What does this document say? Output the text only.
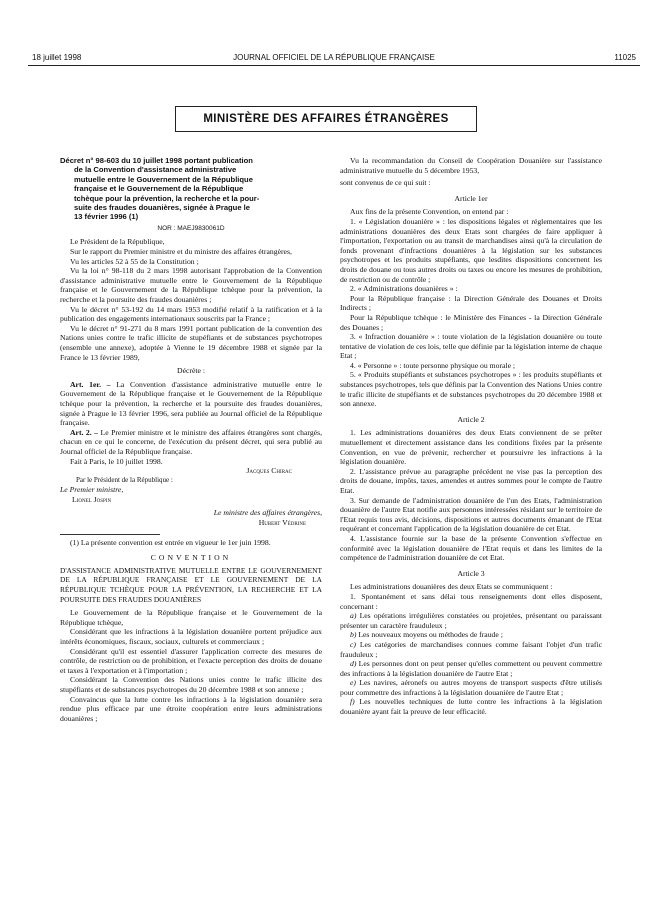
18 juillet 1998	JOURNAL OFFICIEL DE LA RÉPUBLIQUE FRANÇAISE	11025
MINISTÈRE DES AFFAIRES ÉTRANGÈRES
Décret n° 98-603 du 10 juillet 1998 portant publication
de la Convention d'assistance administrative
mutuelle entre le Gouvernement de la République
française et le Gouvernement de la République
tchèque pour la prévention, la recherche et la pour-
suite des fraudes douanières, signée à Prague le
13 février 1996 (1)
NOR : MAEJ9830061D

Le Président de la République,

Sur le rapport du Premier ministre et du ministre des affaires étrangères,

Vu les articles 52 à 55 de la Constitution ;

Vu la loi n° 98-118 du 2 mars 1998 autorisant l'approbation de la Convention d'assistance administrative mutuelle entre le Gouvernement de la République française et le Gouvernement de la République tchèque pour la prévention, la recherche et la poursuite des fraudes douanières ;

Vu le décret n° 53-192 du 14 mars 1953 modifié relatif à la ratification et à la publication des engagements internationaux souscrits par la France ;

Vu le décret n° 91-271 du 8 mars 1991 portant publication de la convention des Nations unies contre le trafic illicite de stupéfiants et de substances psychotropes (ensemble une annexe), adoptée à Vienne le 19 décembre 1988 et signée par la France le 13 février 1989,

Décrète :

Art. 1er. – La Convention d'assistance administrative mutuelle entre le Gouvernement de la République française et le Gouvernement de la République tchèque pour la prévention, la recherche et la poursuite des fraudes douanières, signée à Prague le 13 février 1996, sera publiée au Journal officiel de la République française.

Art. 2. – Le Premier ministre et le ministre des affaires étrangères sont chargés, chacun en ce qui le concerne, de l'exécution du présent décret, qui sera publié au Journal officiel de la République française.

Fait à Paris, le 10 juillet 1998.

Jacques Chirac

Par le Président de la République :

Le Premier ministre,

Lionel Jospin

Le ministre des affaires étrangères,

Hubert Védrine

(1) La présente convention est entrée en vigueur le 1er juin 1998.

CONVENTION

D'ASSISTANCE ADMINISTRATIVE MUTUELLE ENTRE LE GOUVERNEMENT DE LA RÉPUBLIQUE FRANÇAISE ET LE GOUVERNEMENT DE LA RÉPUBLIQUE TCHÈQUE POUR LA PRÉVENTION, LA RECHERCHE ET LA POURSUITE DES FRAUDES DOUANIÈRES

Le Gouvernement de la République française et le Gouvernement de la République tchèque,

Considérant que les infractions à la législation douanière portent préjudice aux intérêts économiques, fiscaux, sociaux, culturels et commerciaux ;

Considérant qu'il est essentiel d'assurer l'application correcte des mesures de contrôle, de restriction ou de prohibition, et l'exacte perception des droits de douane et taxes à l'exportation et à l'importation ;

Considérant la Convention des Nations unies contre le trafic illicite des stupéfiants et de substances psychotropes du 20 décembre 1988 et son annexe ;

Convaincus que la lutte contre les infractions à la législation douanière sera rendue plus efficace par une étroite coopération entre leurs administrations douanières ;

Vu la recommandation du Conseil de Coopération Douanière sur l'assistance administrative mutuelle du 5 décembre 1953,

sont convenus de ce qui suit :

Article 1er

Aux fins de la présente Convention, on entend par :

1. « Législation douanière » : les dispositions légales et réglementaires que les administrations douanières des deux Etats sont chargées de faire appliquer à l'importation, l'exportation ou au transit de marchandises ainsi qu'à la circulation de fonds provenant d'infractions douanières à la législation sur les substances psychotropes et les produits stupéfiants, que lesdites dispositions concernent les droits de douane ou tous autres droits ou taxes ou encore les mesures de prohibition, de restriction ou de contrôle ;

2. « Administrations douanières » :

Pour la République française : la Direction Générale des Douanes et Droits Indirects ;

Pour la République tchèque : le Ministère des Finances - la Direction Générale des Douanes ;

3. « Infraction douanière » : toute violation de la législation douanière ou toute tentative de violation de ces lois, telle que définie par la législation interne de chaque Etat ;

4. « Personne » : toute personne physique ou morale ;

5. « Produits stupéfiants et substances psychotropes » : les produits stupéfiants et substances psychotropes, tels que définis par la Convention des Nations Unies contre le trafic illicite de stupéfiants et de substances psychotropes du 20 décembre 1988 et son annexe.

Article 2

1. Les administrations douanières des deux Etats conviennent de se prêter mutuellement et directement assistance dans les conditions fixées par la présente Convention, en vue de prévenir, rechercher et poursuivre les infractions à la législation douanière.

2. L'assistance prévue au paragraphe précédent ne vise pas la perception des droits de douane, impôts, taxes, amendes et autres sommes pour le compte de l'autre Etat.

3. Sur demande de l'administration douanière de l'un des Etats, l'administration douanière de l'autre Etat notifie aux personnes intéressées résidant sur le territoire de l'Etat requis tous avis, décisions, dispositions et autres documents émanant de l'Etat requérant et concernant l'application de la législation douanière de cet Etat.

4. L'assistance fournie sur la base de la présente Convention s'effectue en conformité avec la législation douanière de l'Etat requis et dans les limites de la compétence de l'administration douanière de cet Etat.

Article 3

Les administrations douanières des deux Etats se communiquent :

1. Spontanément et sans délai tous renseignements dont elles disposent, concernant :

a) Les opérations irrégulières constatées ou projetées, présentant ou paraissant présenter un caractère frauduleux ;

b) Les nouveaux moyens ou méthodes de fraude ;

c) Les catégories de marchandises connues comme faisant l'objet d'un trafic frauduleux ;

d) Les personnes dont on peut penser qu'elles commettent ou peuvent commettre des infractions à la législation douanière de l'autre Etat ;

e) Les navires, aéronefs ou autres moyens de transport suspects d'être utilisés pour commettre des infractions à la législation douanière de l'autre Etat ;

f) Les nouvelles techniques de lutte contre les infractions à la législation douanière ayant fait la preuve de leur efficacité.
